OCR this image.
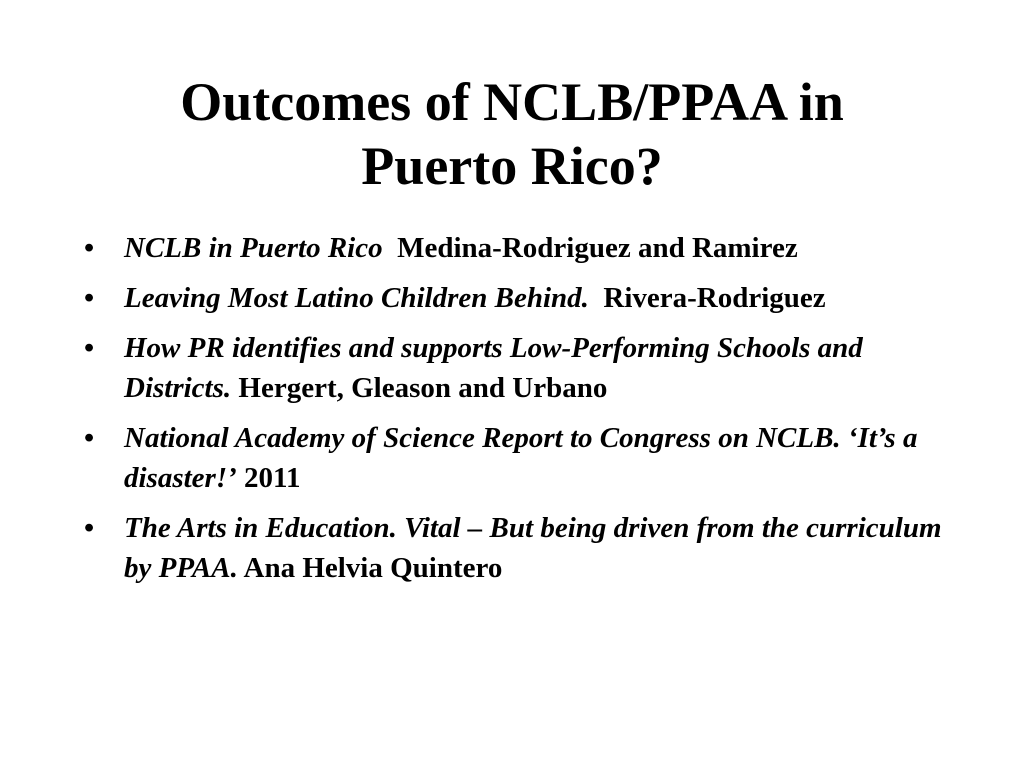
Outcomes of NCLB/PPAA in
Puerto Rico?
•	NCLB in Puerto Rico Medina-Rodriguez and Ramirez
•	Leaving Most Latino Children Behind. Rivera-Rodriguez
•	How PR identifies and supports Low-Performing Schools and Districts. Hergert, Gleason and Urbano
•	National Academy of Science Report to Congress on NCLB. ‘It’s a disaster!’ 2011
•	The Arts in Education. Vital – But being driven from the curriculum by PPAA. Ana Helvia Quintero
